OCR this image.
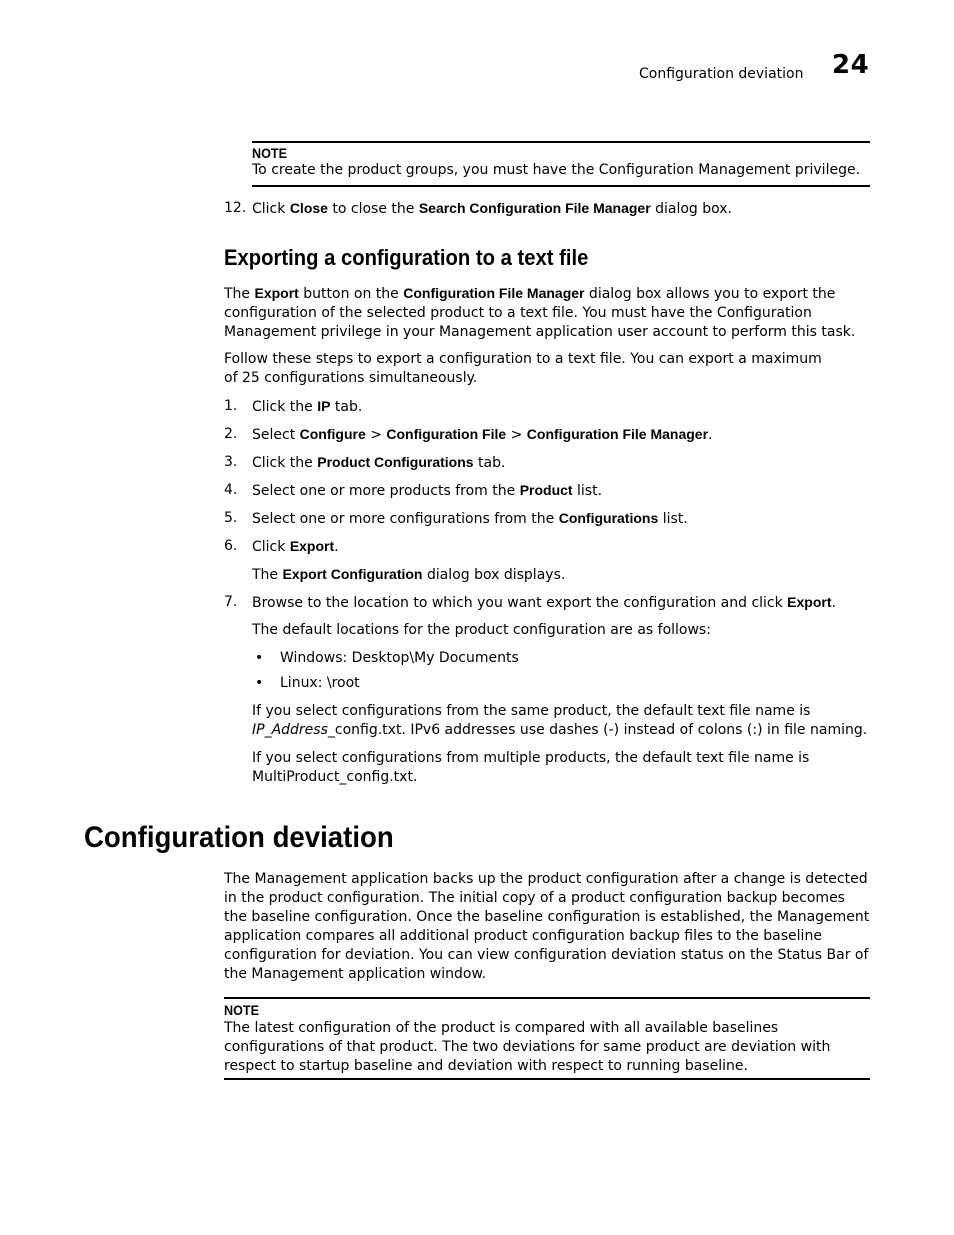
Configuration deviation 24
NOTE
To create the product groups, you must have the Configuration Management privilege.
12. Click Close to close the Search Configuration File Manager dialog box.
Exporting a configuration to a text file
The Export button on the Configuration File Manager dialog box allows you to export the configuration of the selected product to a text file. You must have the Configuration Management privilege in your Management application user account to perform this task.
Follow these steps to export a configuration to a text file. You can export a maximum of 25 configurations simultaneously.
1. Click the IP tab.
2. Select Configure > Configuration File > Configuration File Manager.
3. Click the Product Configurations tab.
4. Select one or more products from the Product list.
5. Select one or more configurations from the Configurations list.
6. Click Export.
The Export Configuration dialog box displays.
7. Browse to the location to which you want export the configuration and click Export.
The default locations for the product configuration are as follows:
• Windows: Desktop\My Documents
• Linux: \root
If you select configurations from the same product, the default text file name is
IP_Address_config.txt. IPv6 addresses use dashes (-) instead of colons (:) in file naming.
If you select configurations from multiple products, the default text file name is MultiProduct_config.txt.
Configuration deviation
The Management application backs up the product configuration after a change is detected in the product configuration. The initial copy of a product configuration backup becomes the baseline configuration. Once the baseline configuration is established, the Management application compares all additional product configuration backup files to the baseline configuration for deviation. You can view configuration deviation status on the Status Bar of the Management application window.
NOTE
The latest configuration of the product is compared with all available baselines configurations of that product. The two deviations for same product are deviation with respect to startup baseline and deviation with respect to running baseline.
